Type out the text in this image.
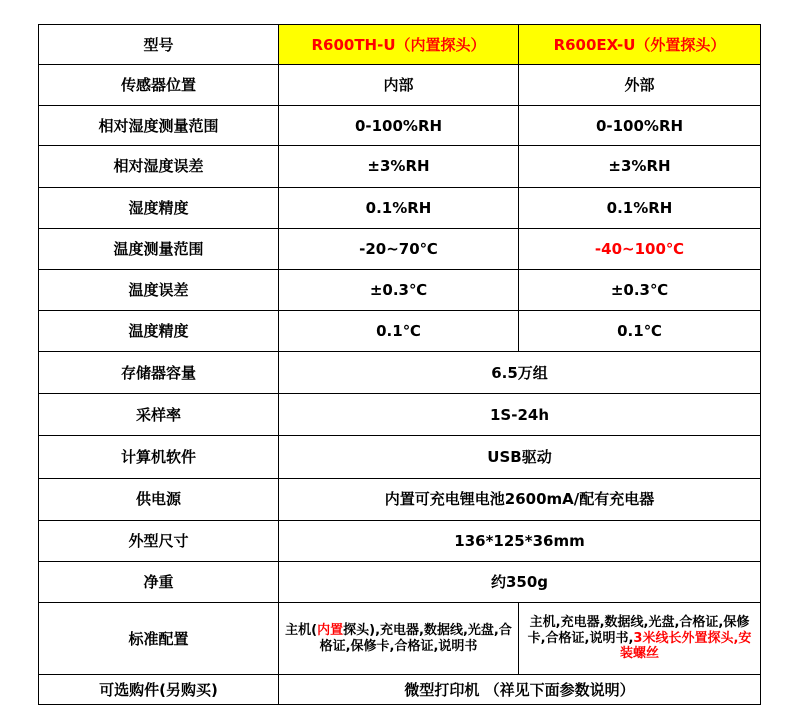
型号	R600TH-U（内置探头）	R600EX-U（外置探头）
传感器位置	内部	外部
相对湿度测量范围	0-100%RH	0-100%RH
相对湿度误差	±3%RH	±3%RH
湿度精度	0.1%RH	0.1%RH
温度测量范围	-20~70℃	-40~100℃
温度误差	±0.3℃	±0.3℃
温度精度	0.1℃	0.1℃
存储器容量	6.5万组	
采样率	1S-24h	
计算机软件	USB驱动	
供电源	内置可充电锂电池2600mA/配有充电器	
外型尺寸	136*125*36mm	
净重	约350g	
标准配置	主机(内置探头),充电器,数据线,光盘,合格证,保修卡,合格证,说明书	主机,充电器,数据线,光盘,合格证,保修卡,合格证,说明书,3米线长外置探头,安装螺丝
可选购件(另购买)	微型打印机 （祥见下面参数说明）	
